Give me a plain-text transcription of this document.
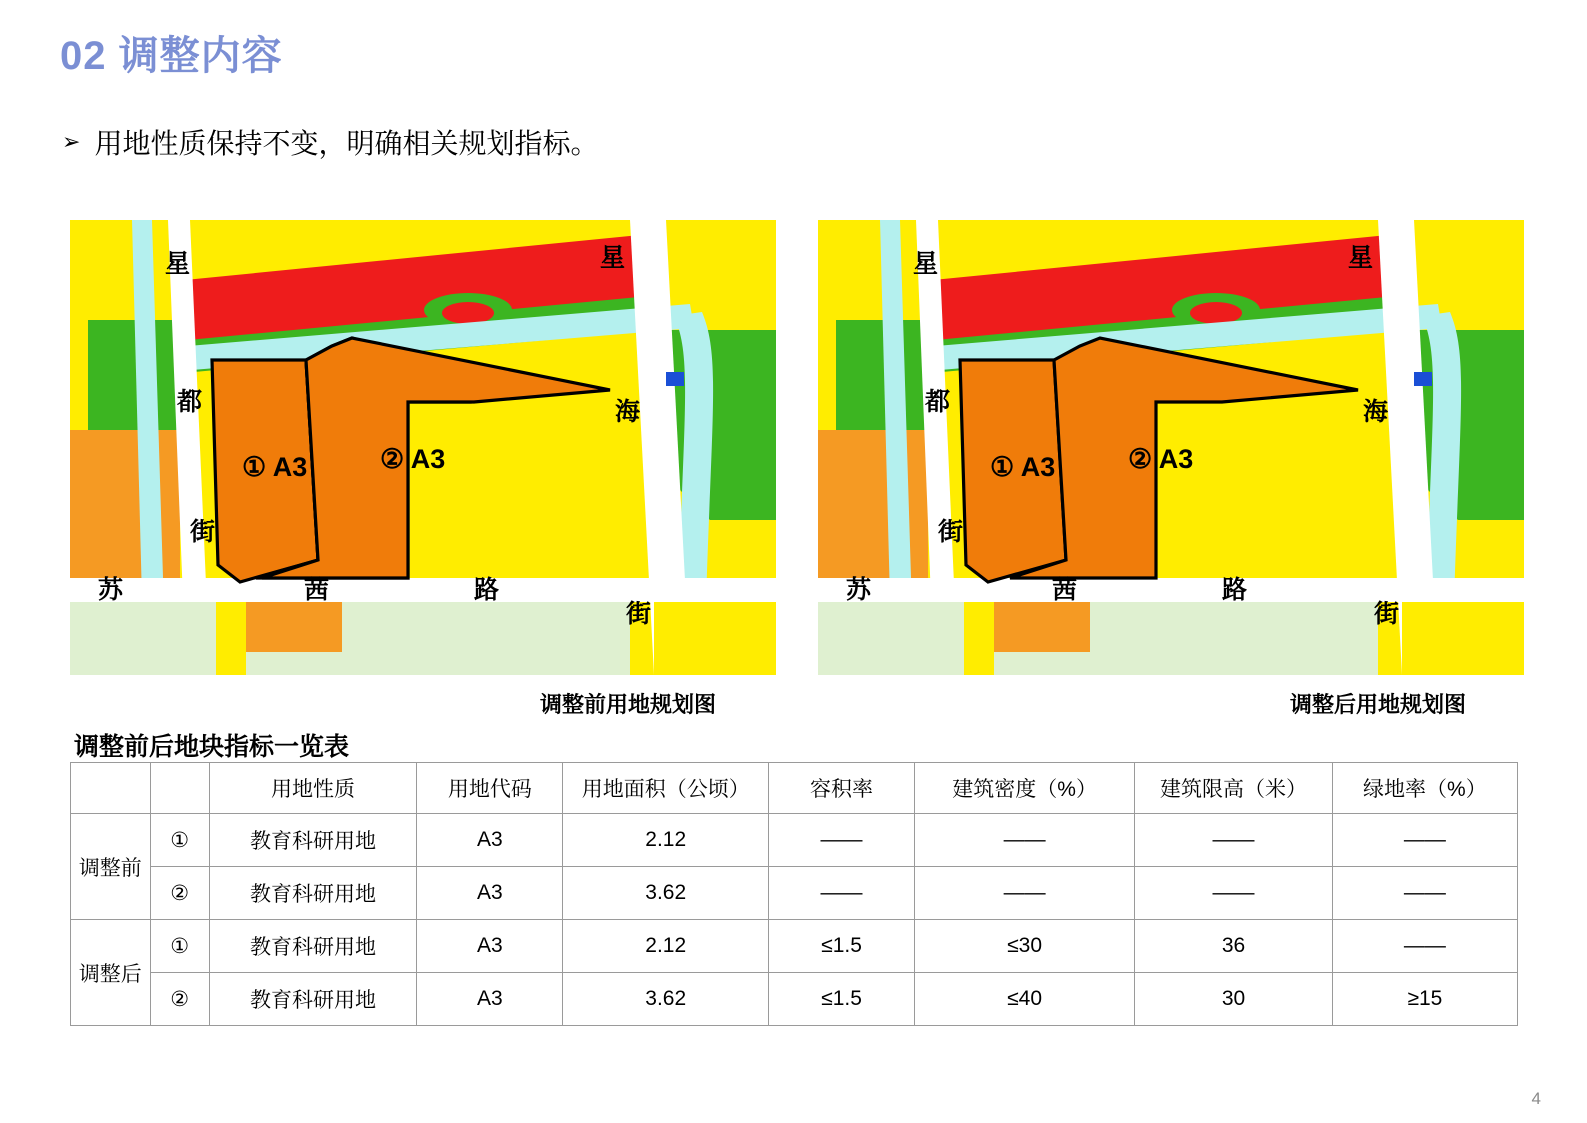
02 调整内容
➢ 用地性质保持不变，明确相关规划指标。
① A3	② A3
星
都
街
苏	茜	路
星
海
街
调整前用地规划图
① A3	② A3
星
都
街
苏	茜	路
星
海
街
调整后用地规划图
调整前后地块指标一览表
		用地性质	用地代码	用地面积（公顷）	容积率	建筑密度（%）	建筑限高（米）	绿地率（%）
调整前	①	教育科研用地	A3	2.12	——	——	——	——
	②	教育科研用地	A3	3.62	——	——	——	——
调整后	①	教育科研用地	A3	2.12	≤1.5	≤30	36	——
	②	教育科研用地	A3	3.62	≤1.5	≤40	30	≥15
4
